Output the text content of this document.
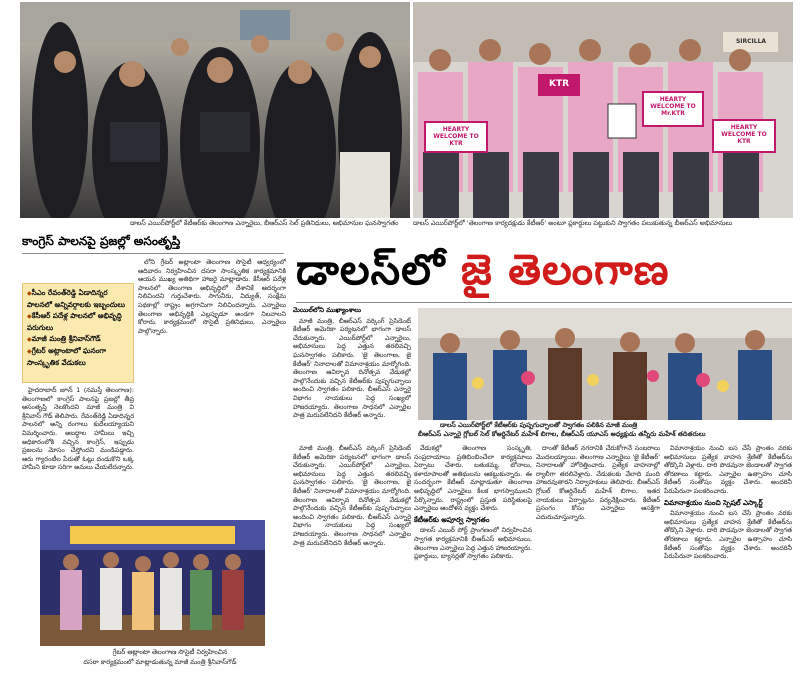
డాలస్ ఎయిర్‌పోర్ట్‌లో కేటీఆర్‌కు తెలంగాణ ఎన్నారైలు, బీఆర్‌ఎస్ సెల్ ప్రతినిధులు, అభిమానుల ఘనస్వాగతం
HEARTY WELCOME TO KTR
KTR
HEARTY WELCOME TO Mr.KTR
HEARTY WELCOME TO KTR
SIRCILLA
డాలస్ ఎయిర్‌పోర్ట్‌లో 'తెలంగాణ కార్యదక్షుడు కేటీఆర్' అంటూ ప్లకార్డులు పట్టుకుని స్వాగతం పలుకుతున్న బీఆర్‌ఎస్ అభిమానులు
కాంగ్రెస్ పాలనపై ప్రజల్లో అసంతృప్తి
◆ సీఎం రేవంత్‌రెడ్డి ఏడాదిన్నర పాలనలో అన్నివర్గాలకు ఇబ్బందులు
◆ కేసీఆర్ పదేళ్ల పాలనలో అభివృద్ధి పరుగులు
◆ మాజీ మంత్రి శ్రీనివాస్‌గౌడ్
◆ గ్రేటర్ అట్లాంటాలో ఘనంగా సాంస్కృతిక వేడుకలు

హైదరాబాద్ జూన్ 1 (నమస్తే తెలంగాణ): తెలంగాణలో కాంగ్రెస్ పాలనపై ప్రజల్లో తీవ్ర అసంతృప్తి నెలకొందని మాజీ మంత్రి వి శ్రీనివాస్ గౌడ్ తెలిపారు. రేవంత్‌రెడ్డి ఏడాదిన్నర పాలనలో అన్ని రంగాలు కుదేలయ్యాయని విమర్శించారు. అబద్ధాల హామీలు ఇచ్చి అధికారంలోకి వచ్చిన కాంగ్రెస్, ఇప్పుడు ప్రజలను మోసం చేస్తోందని మండిపడ్డారు. ఆరు గ్యారంటీల పేరుతో ఓట్లు దండుకొని ఒక్క హామీని కూడా సరిగా అమలు చేయలేదన్నారు.

లోని గ్రేటర్ అట్లాంటా తెలంగాణ సొసైటీ ఆధ్వర్యంలో ఆదివారం నిర్వహించిన దసరా సాంస్కృతిక కార్యక్రమానికి ఆయన ముఖ్య అతిథిగా హాజరై మాట్లాడారు. కేసీఆర్ పదేళ్ల పాలనలో తెలంగాణ అభివృద్ధిలో దేశానికే ఆదర్శంగా నిలిచిందని గుర్తుచేశారు. సాగునీరు, విద్యుత్, సంక్షేమ పథకాల్లో రాష్ట్రం అగ్రగామిగా నిలిచిందన్నారు. ఎన్నారైలు తెలంగాణ అభివృద్ధికి ఎల్లప్పుడూ అండగా నిలవాలని కోరారు. కార్యక్రమంలో సొసైటీ ప్రతినిధులు, ఎన్నారైలు పాల్గొన్నారు.

గ్రేటర్ ఆట్లాంటా తెలంగాణ సొసైటీ నిర్వహించిన
దసరా కార్యక్రమంలో మాట్లాడుతున్న మాజీ మంత్రి శ్రీనివాస్‌గౌడ్
డాలస్‌లో జై తెలంగాణ
మెయిల్‌లోని ముఖ్యాంశాలు

మాజీ మంత్రి, బీఆర్‌ఎస్ వర్కింగ్ ప్రెసిడెంట్ కేటీఆర్ అమెరికా పర్యటనలో భాగంగా డాలస్ చేరుకున్నారు. ఎయిర్‌పోర్ట్‌లో ఎన్నారైలు, అభిమానులు పెద్ద ఎత్తున తరలివచ్చి ఘనస్వాగతం పలికారు. 'జై తెలంగాణ, జై కేటీఆర్' నినాదాలతో విమానాశ్రయం మార్మోగింది. తెలంగాణ ఆవిర్భావ దినోత్సవ వేడుకల్లో పాల్గొనేందుకు వచ్చిన కేటీఆర్‌కు పుష్పగుచ్ఛాలు అందించి స్వాగతం పలికారు. బీఆర్‌ఎస్ ఎన్నారై విభాగం నాయకులు పెద్ద సంఖ్యలో హాజరయ్యారు. తెలంగాణ సాధనలో ఎన్నారైల పాత్ర మరువలేనిదని కేటీఆర్ అన్నారు.

డాలస్ ఎయిర్‌పోర్ట్‌లో కేటీఆర్‌కు పుష్పగుచ్ఛాలతో స్వాగతం పలికిన మాజీ మంత్రి
బీఆర్‌ఎస్ ఎన్నారై గ్లోబల్ సెల్ కోఆర్డినేటర్ మహేశ్ బిగాల, బీఆర్‌ఎస్ యూఎస్ అధ్యక్షుడు తన్నీరు మహేశ్ తదితరులు

మాజీ మంత్రి, బీఆర్‌ఎస్ వర్కింగ్ ప్రెసిడెంట్ కేటీఆర్ అమెరికా పర్యటనలో భాగంగా డాలస్ చేరుకున్నారు. ఎయిర్‌పోర్ట్‌లో ఎన్నారైలు, అభిమానులు పెద్ద ఎత్తున తరలివచ్చి ఘనస్వాగతం పలికారు. 'జై తెలంగాణ, జై కేటీఆర్' నినాదాలతో విమానాశ్రయం మార్మోగింది. తెలంగాణ ఆవిర్భావ దినోత్సవ వేడుకల్లో పాల్గొనేందుకు వచ్చిన కేటీఆర్‌కు పుష్పగుచ్ఛాలు అందించి స్వాగతం పలికారు. బీఆర్‌ఎస్ ఎన్నారై విభాగం నాయకులు పెద్ద సంఖ్యలో హాజరయ్యారు. తెలంగాణ సాధనలో ఎన్నారైల పాత్ర మరువలేనిదని కేటీఆర్ అన్నారు.

వేడుకల్లో తెలంగాణ సంస్కృతి, సంప్రదాయాలు ప్రతిబింబించేలా కార్యక్రమాలు ఏర్పాటు చేశారు. బతుకమ్మ, బోనాలు, కళారూపాలతో అతిథులను ఆకట్టుకున్నారు. ఈ సందర్భంగా కేటీఆర్ మాట్లాడుతూ తెలంగాణ అభివృద్ధిలో ఎన్నారైలు కీలక భాగస్వాములని పేర్కొన్నారు. రాష్ట్రంలో ప్రస్తుత పరిస్థితులపై ఎన్నారైలు ఆందోళన వ్యక్తం చేశారు.

కేటీఆర్‌కు అపూర్వ స్వాగతం

డాలస్ ఎయిర్ పోర్ట్ ప్రాంగణంలో నిర్వహించిన స్వాగత కార్యక్రమానికి బీఆర్‌ఎస్ అభిమానులు, తెలంగాణ ఎన్నారైలు పెద్ద ఎత్తున హాజరయ్యారు. ప్లకార్డులు, బ్యానర్లతో స్వాగతం పలికారు.

దాంతో కేటీఆర్ నగరానికి చేరుకోగానే సంబరాలు మొదలయ్యాయి. తెలంగాణ ఎన్నారైలు 'జై కేటీఆర్' నినాదాలతో హోరెత్తించారు. ప్రత్యేక వాహనాల్లో ర్యాలీగా తరలివెళ్లారు. వేడుకలకు వేలాది మంది హాజరవుతారని నిర్వాహకులు తెలిపారు. బీఆర్‌ఎస్ గ్లోబల్ కోఆర్డినేటర్ మహేశ్ బిగాల, ఇతర నాయకులు ఏర్పాట్లను పర్యవేక్షించారు. కేటీఆర్ ప్రసంగం కోసం ఎన్నారైలు ఆసక్తిగా ఎదురుచూస్తున్నారు.

విమానాశ్రయం నుంచి బస చేసే ప్రాంతం వరకు అభిమానులు ప్రత్యేక వాహన శ్రేణితో కేటీఆర్‌ను తోడ్కొని వెళ్లారు. దారి పొడవునా జెండాలతో స్వాగత తోరణాలు కట్టారు. ఎన్నారైల ఉత్సాహం చూసి కేటీఆర్ సంతోషం వ్యక్తం చేశారు. అందరినీ పేరుపేరునా పలకరించారు.

విమానాశ్రయం నుంచి స్పెషల్ ఎస్కార్ట్

విమానాశ్రయం నుంచి బస చేసే ప్రాంతం వరకు అభిమానులు ప్రత్యేక వాహన శ్రేణితో కేటీఆర్‌ను తోడ్కొని వెళ్లారు. దారి పొడవునా జెండాలతో స్వాగత తోరణాలు కట్టారు. ఎన్నారైల ఉత్సాహం చూసి కేటీఆర్ సంతోషం వ్యక్తం చేశారు. అందరినీ పేరుపేరునా పలకరించారు.
